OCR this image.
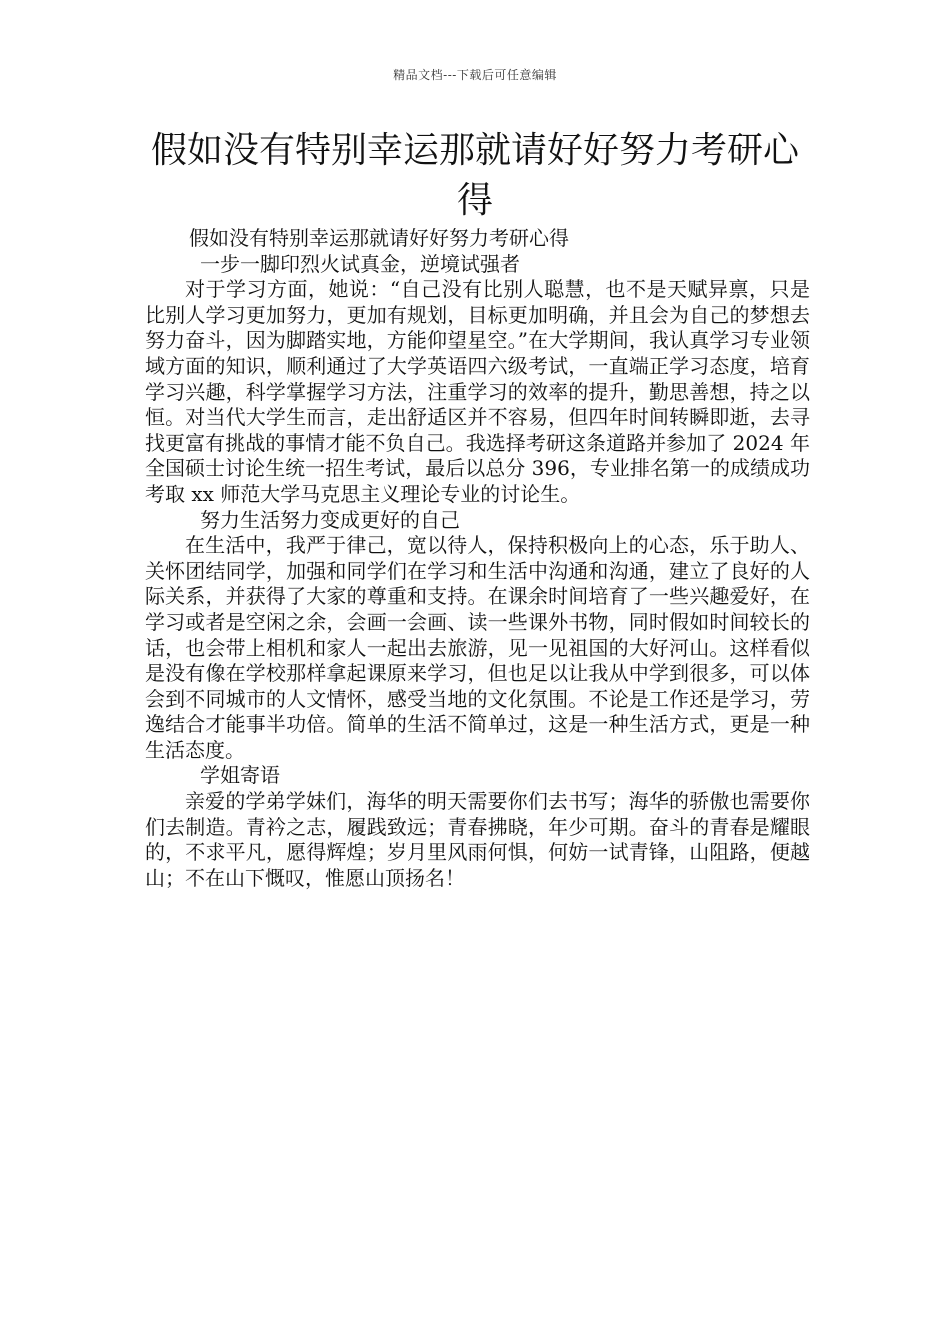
精品文档---下载后可任意编辑
假如没有特别幸运那就请好好努力考研心得

假如没有特别幸运那就请好好努力考研心得

一步一脚印烈火试真金，逆境试强者

对于学习方面，她说：“自己没有比别人聪慧，也不是天赋异禀，只是比别人学习更加努力，更加有规划，目标更加明确，并且会为自己的梦想去努力奋斗，因为脚踏实地，方能仰望星空。”在大学期间，我认真学习专业领域方面的知识，顺利通过了大学英语四六级考试，一直端正学习态度，培育学习兴趣，科学掌握学习方法，注重学习的效率的提升，勤思善想，持之以恒。对当代大学生而言，走出舒适区并不容易，但四年时间转瞬即逝，去寻找更富有挑战的事情才能不负自己。我选择考研这条道路并参加了 2024 年全国硕士讨论生统一招生考试，最后以总分 396，专业排名第一的成绩成功考取 xx 师范大学马克思主义理论专业的讨论生。

努力生活努力变成更好的自己

在生活中，我严于律己，宽以待人，保持积极向上的心态，乐于助人、关怀团结同学，加强和同学们在学习和生活中沟通和沟通，建立了良好的人际关系，并获得了大家的尊重和支持。在课余时间培育了一些兴趣爱好，在学习或者是空闲之余，会画一会画、读一些课外书物，同时假如时间较长的话，也会带上相机和家人一起出去旅游，见一见祖国的大好河山。这样看似是没有像在学校那样拿起课原来学习，但也足以让我从中学到很多，可以体会到不同城市的人文情怀，感受当地的文化氛围。不论是工作还是学习，劳逸结合才能事半功倍。简单的生活不简单过，这是一种生活方式，更是一种生活态度。

学姐寄语

亲爱的学弟学妹们，海华的明天需要你们去书写；海华的骄傲也需要你们去制造。青衿之志，履践致远；青春拂晓，年少可期。奋斗的青春是耀眼的，不求平凡，愿得辉煌；岁月里风雨何惧，何妨一试青锋，山阻路，便越山；不在山下慨叹，惟愿山顶扬名！
